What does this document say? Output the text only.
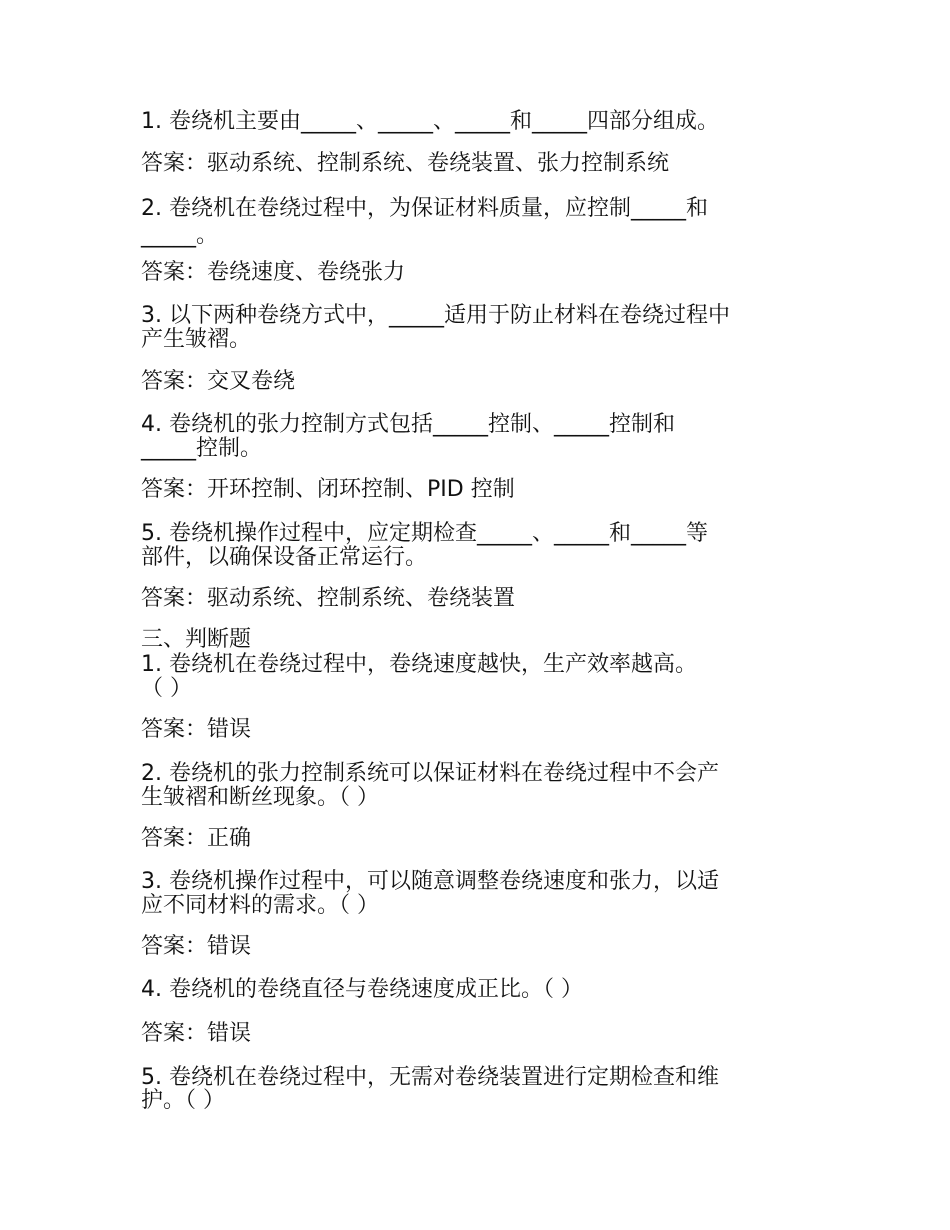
1. 卷绕机主要由_____、_____、_____和_____四部分组成。
答案：驱动系统、控制系统、卷绕装置、张力控制系统
2. 卷绕机在卷绕过程中，为保证材料质量，应控制_____和
_____。
答案：卷绕速度、卷绕张力
3. 以下两种卷绕方式中，_____适用于防止材料在卷绕过程中
产生皱褶。
答案：交叉卷绕
4. 卷绕机的张力控制方式包括_____控制、_____控制和
_____控制。
答案：开环控制、闭环控制、PID 控制
5. 卷绕机操作过程中，应定期检查_____、_____和_____等
部件，以确保设备正常运行。
答案：驱动系统、控制系统、卷绕装置
三、判断题
1. 卷绕机在卷绕过程中，卷绕速度越快，生产效率越高。
（ ）
答案：错误
2. 卷绕机的张力控制系统可以保证材料在卷绕过程中不会产
生皱褶和断丝现象。（ ）
答案：正确
3. 卷绕机操作过程中，可以随意调整卷绕速度和张力，以适
应不同材料的需求。（ ）
答案：错误
4. 卷绕机的卷绕直径与卷绕速度成正比。（ ）
答案：错误
5. 卷绕机在卷绕过程中，无需对卷绕装置进行定期检查和维
护。（ ）
